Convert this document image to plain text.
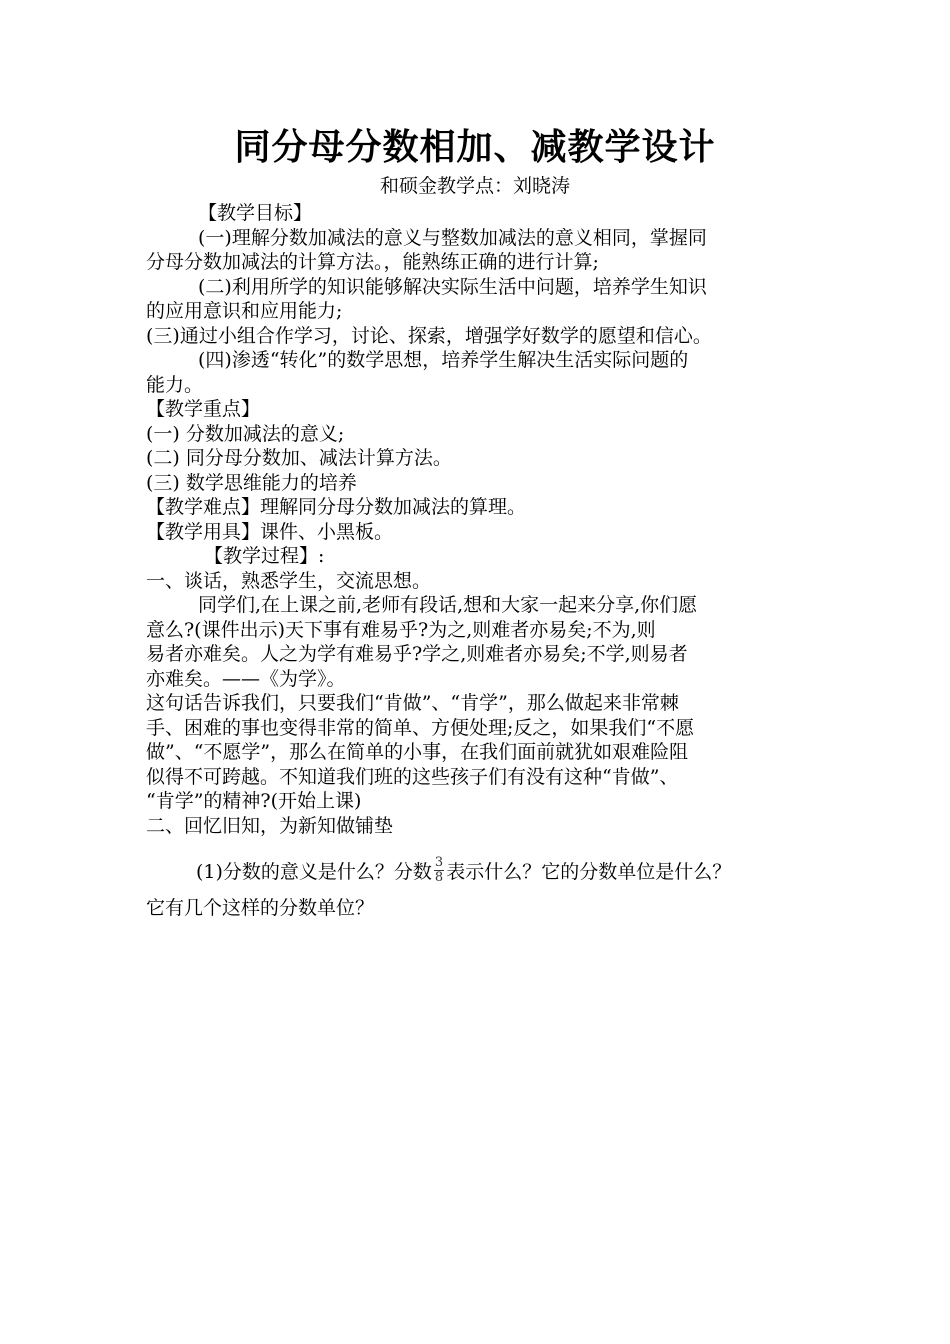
同分母分数相加、减教学设计
和硕金教学点：刘晓涛
【教学目标】
(一)理解分数加减法的意义与整数加减法的意义相同，掌握同
分母分数加减法的计算方法。，能熟练正确的进行计算;
(二)利用所学的知识能够解决实际生活中问题，培养学生知识
的应用意识和应用能力;
(三)通过小组合作学习，讨论、探索，增强学好数学的愿望和信心。
(四)渗透“转化”的数学思想，培养学生解决生活实际问题的
能力。
【教学重点】
(一) 分数加减法的意义;
(二) 同分母分数加、减法计算方法。
(三) 数学思维能力的培养
【教学难点】理解同分母分数加减法的算理。
【教学用具】课件、小黑板。
【教学过程】:
一、谈话，熟悉学生，交流思想。
同学们,在上课之前,老师有段话,想和大家一起来分享,你们愿
意么?(课件出示)天下事有难易乎?为之,则难者亦易矣;不为,则
易者亦难矣。人之为学有难易乎?学之,则难者亦易矣;不学,则易者
亦难矣。——《为学》。
这句话告诉我们，只要我们“肯做”、“肯学”，那么做起来非常棘
手、困难的事也变得非常的简单、方便处理;反之，如果我们“不愿
做”、“不愿学”，那么在简单的小事，在我们面前就犹如艰难险阻
似得不可跨越。不知道我们班的这些孩子们有没有这种“肯做”、
“肯学”的精神?(开始上课)
二、回忆旧知，为新知做铺垫
(1)分数的意义是什么？分数 $\frac{3}{8}$ 表示什么？它的分数单位是什么？
它有几个这样的分数单位？
